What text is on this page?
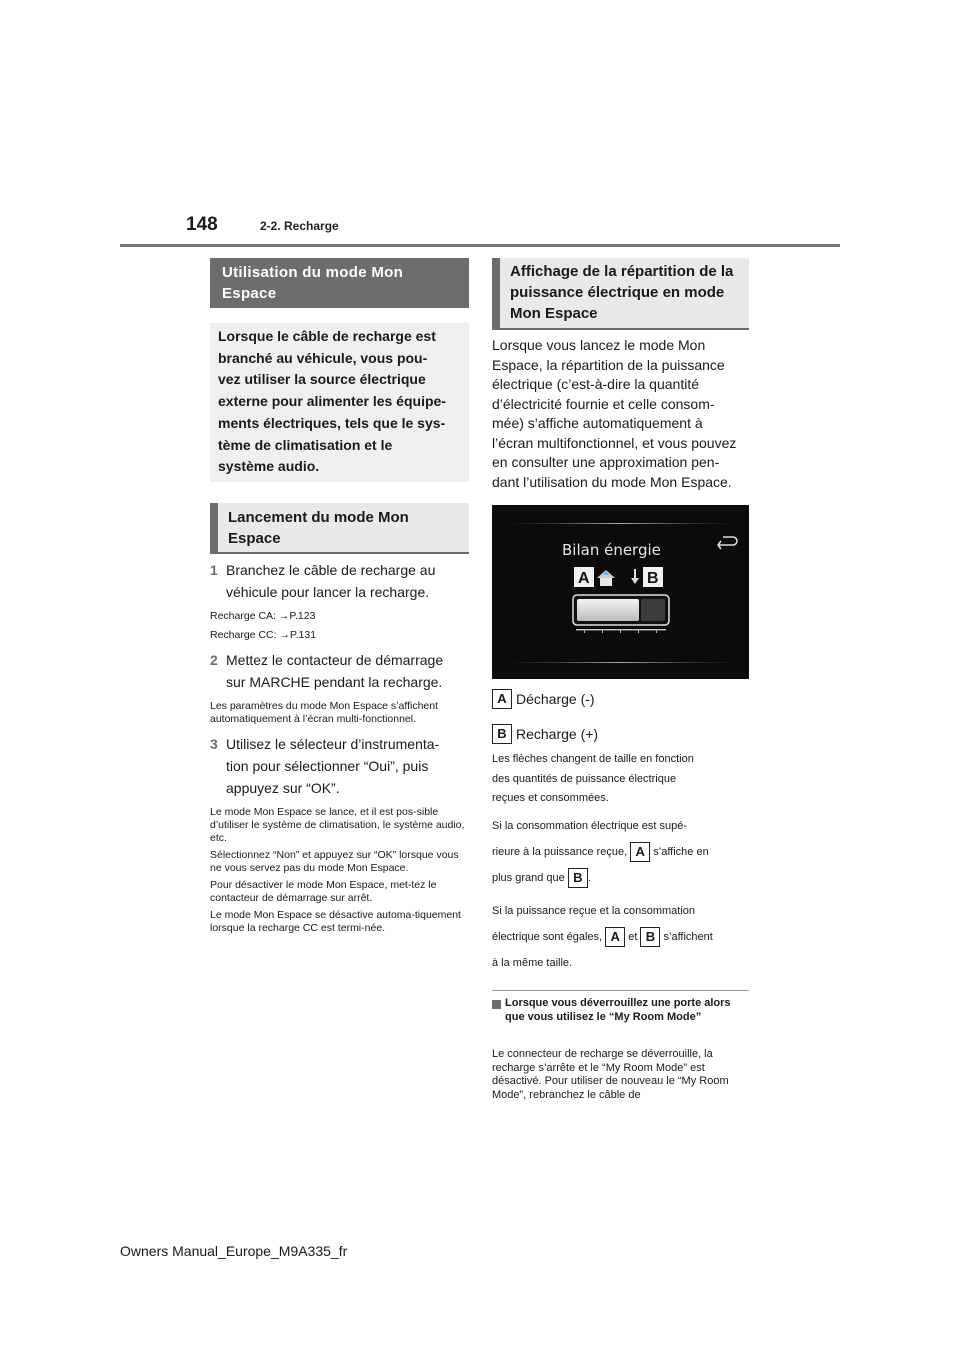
148	2-2. Recharge
Utilisation du mode Mon Espace
Lorsque le câble de recharge est
branché au véhicule, vous pou-
vez utiliser la source électrique
externe pour alimenter les équipe-
ments électriques, tels que le sys-
tème de climatisation et le
système audio.
Lancement du mode Mon Espace
1 Branchez le câble de recharge au
véhicule pour lancer la recharge.

Recharge CA: →P.123

Recharge CC: →P.131

2 Mettez le contacteur de démarrage
sur MARCHE pendant la recharge.

Les paramètres du mode Mon Espace s’affichent automatiquement à l’écran multi-fonctionnel.

3 Utilisez le sélecteur d’instrumenta-
tion pour sélectionner “Oui”, puis
appuyez sur “OK”.

Le mode Mon Espace se lance, et il est pos-sible d’utiliser le système de climatisation, le système audio, etc.

Sélectionnez “Non” et appuyez sur “OK” lorsque vous ne vous servez pas du mode Mon Espace.

Pour désactiver le mode Mon Espace, met-tez le contacteur de démarrage sur arrêt.

Le mode Mon Espace se désactive automa-tiquement lorsque la recharge CC est termi-née.

Affichage de la répartition de la puissance électrique en mode Mon Espace
Lorsque vous lancez le mode Mon
Espace, la répartition de la puissance
électrique (c’est-à-dire la quantité
d’électricité fournie et celle consom-
mée) s’affiche automatiquement à
l’écran multifonctionnel, et vous pouvez
en consulter une approximation pen-
dant l’utilisation du mode Mon Espace.
Bilan énergie
A	B
A Décharge (-)
B Recharge (+)
Les flèches changent de taille en fonction
des quantités de puissance électrique
reçues et consommées.
Si la consommation électrique est supé-
rieure à la puissance reçue, A s’affiche en
plus grand que B .
Si la puissance reçue et la consommation
électrique sont égales, A et B s’affichent
à la même taille.
Lorsque vous déverrouillez une porte alors que vous utilisez le “My Room Mode”

Le connecteur de recharge se déverrouille, la recharge s’arrête et le “My Room Mode” est désactivé. Pour utiliser de nouveau le “My Room Mode”, rebranchez le câble de

Owners Manual_Europe_M9A335_fr
